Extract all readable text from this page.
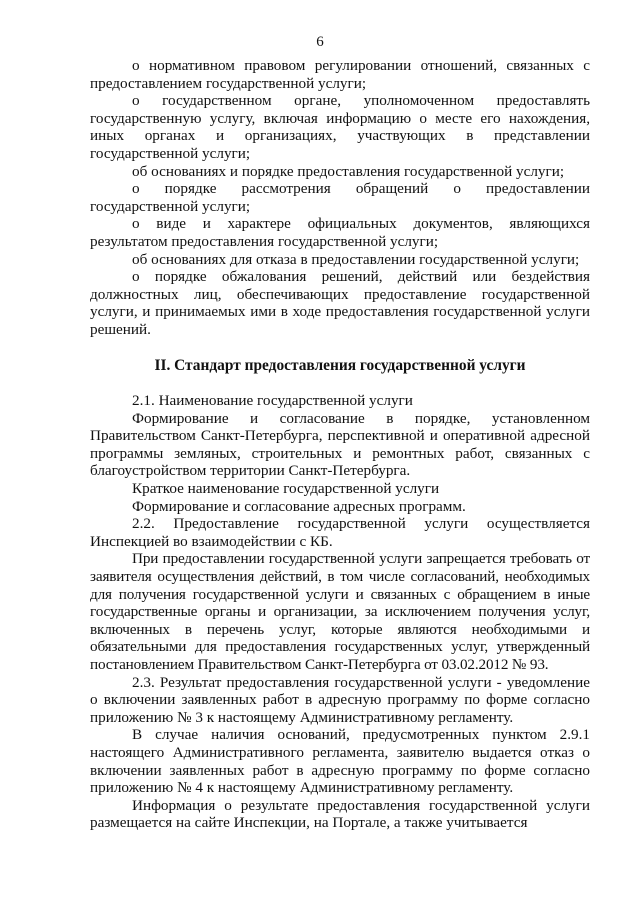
6

о нормативном правовом регулировании отношений, связанных с предоставлением государственной услуги;

о государственном органе, уполномоченном предоставлять государственную услугу, включая информацию о месте его нахождения, иных органах и организациях, участвующих в представлении государственной услуги;

об основаниях и порядке предоставления государственной услуги;

о порядке рассмотрения обращений о предоставлении государственной услуги;

о виде и характере официальных документов, являющихся результатом предоставления государственной услуги;

об основаниях для отказа в предоставлении государственной услуги;

о порядке обжалования решений, действий или бездействия должностных лиц, обеспечивающих предоставление государственной услуги, и принимаемых ими в ходе предоставления государственной услуги решений.

II. Стандарт предоставления государственной услуги

2.1. Наименование государственной услуги

Формирование и согласование в порядке, установленном Правительством Санкт-Петербурга, перспективной и оперативной адресной программы земляных, строительных и ремонтных работ, связанных с благоустройством территории Санкт-Петербурга.

Краткое наименование государственной услуги

Формирование и согласование адресных программ.

2.2. Предоставление государственной услуги осуществляется Инспекцией во взаимодействии с КБ.

При предоставлении государственной услуги запрещается требовать от заявителя осуществления действий, в том числе согласований, необходимых для получения государственной услуги и связанных с обращением в иные государственные органы и организации, за исключением получения услуг, включенных в перечень услуг, которые являются необходимыми и обязательными для предоставления государственных услуг, утвержденный постановлением Правительством Санкт-Петербурга от 03.02.2012 № 93.

2.3. Результат предоставления государственной услуги - уведомление о включении заявленных работ в адресную программу по форме согласно приложению № 3 к настоящему Административному регламенту.

В случае наличия оснований, предусмотренных пунктом 2.9.1 настоящего Административного регламента, заявителю выдается отказ о включении заявленных работ в адресную программу по форме согласно приложению № 4 к настоящему Административному регламенту.

Информация о результате предоставления государственной услуги размещается на сайте Инспекции, на Портале, а также учитывается
